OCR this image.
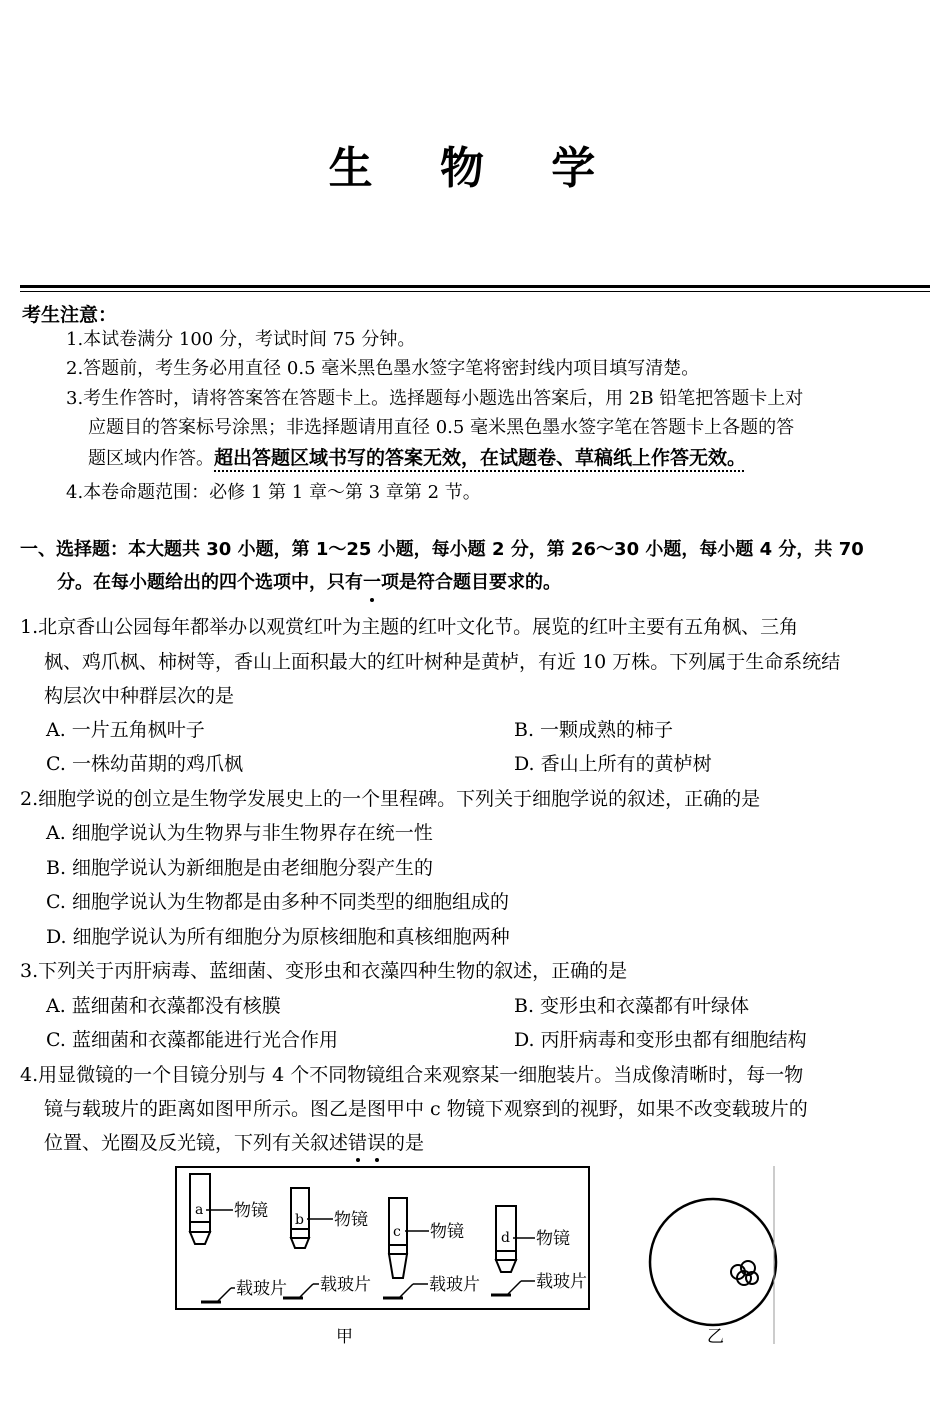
生 物 学
考生注意：
1.本试卷满分 100 分，考试时间 75 分钟。
2.答题前，考生务必用直径 0.5 毫米黑色墨水签字笔将密封线内项目填写清楚。
3.考生作答时，请将答案答在答题卡上。选择题每小题选出答案后，用 2B 铅笔把答题卡上对
应题目的答案标号涂黑；非选择题请用直径 0.5 毫米黑色墨水签字笔在答题卡上各题的答
题区域内作答。超出答题区域书写的答案无效，在试题卷、草稿纸上作答无效。
4.本卷命题范围：必修 1 第 1 章～第 3 章第 2 节。
一、选择题：本大题共 30 小题，第 1～25 小题，每小题 2 分，第 26～30 小题，每小题 4 分，共 70
分。在每小题给出的四个选项中，只有一项是符合题目要求的。
1.北京香山公园每年都举办以观赏红叶为主题的红叶文化节。展览的红叶主要有五角枫、三角
枫、鸡爪枫、柿树等，香山上面积最大的红叶树种是黄栌，有近 10 万株。下列属于生命系统结
构层次中种群层次的是
A. 一片五角枫叶子	B. 一颗成熟的柿子
C. 一株幼苗期的鸡爪枫	D. 香山上所有的黄栌树
2.细胞学说的创立是生物学发展史上的一个里程碑。下列关于细胞学说的叙述，正确的是
A. 细胞学说认为生物界与非生物界存在统一性
B. 细胞学说认为新细胞是由老细胞分裂产生的
C. 细胞学说认为生物都是由多种不同类型的细胞组成的
D. 细胞学说认为所有细胞分为原核细胞和真核细胞两种
3.下列关于丙肝病毒、蓝细菌、变形虫和衣藻四种生物的叙述，正确的是
A. 蓝细菌和衣藻都没有核膜	B. 变形虫和衣藻都有叶绿体
C. 蓝细菌和衣藻都能进行光合作用	D. 丙肝病毒和变形虫都有细胞结构
4.用显微镜的一个目镜分别与 4 个不同物镜组合来观察某一细胞装片。当成像清晰时，每一物
镜与载玻片的距离如图甲所示。图乙是图甲中 c 物镜下观察到的视野，如果不改变载玻片的
位置、光圈及反光镜，下列有关叙述错误的是
a 物镜
载玻片
b 物镜
载玻片
c 物镜
载玻片
d 物镜
载玻片
甲	乙
